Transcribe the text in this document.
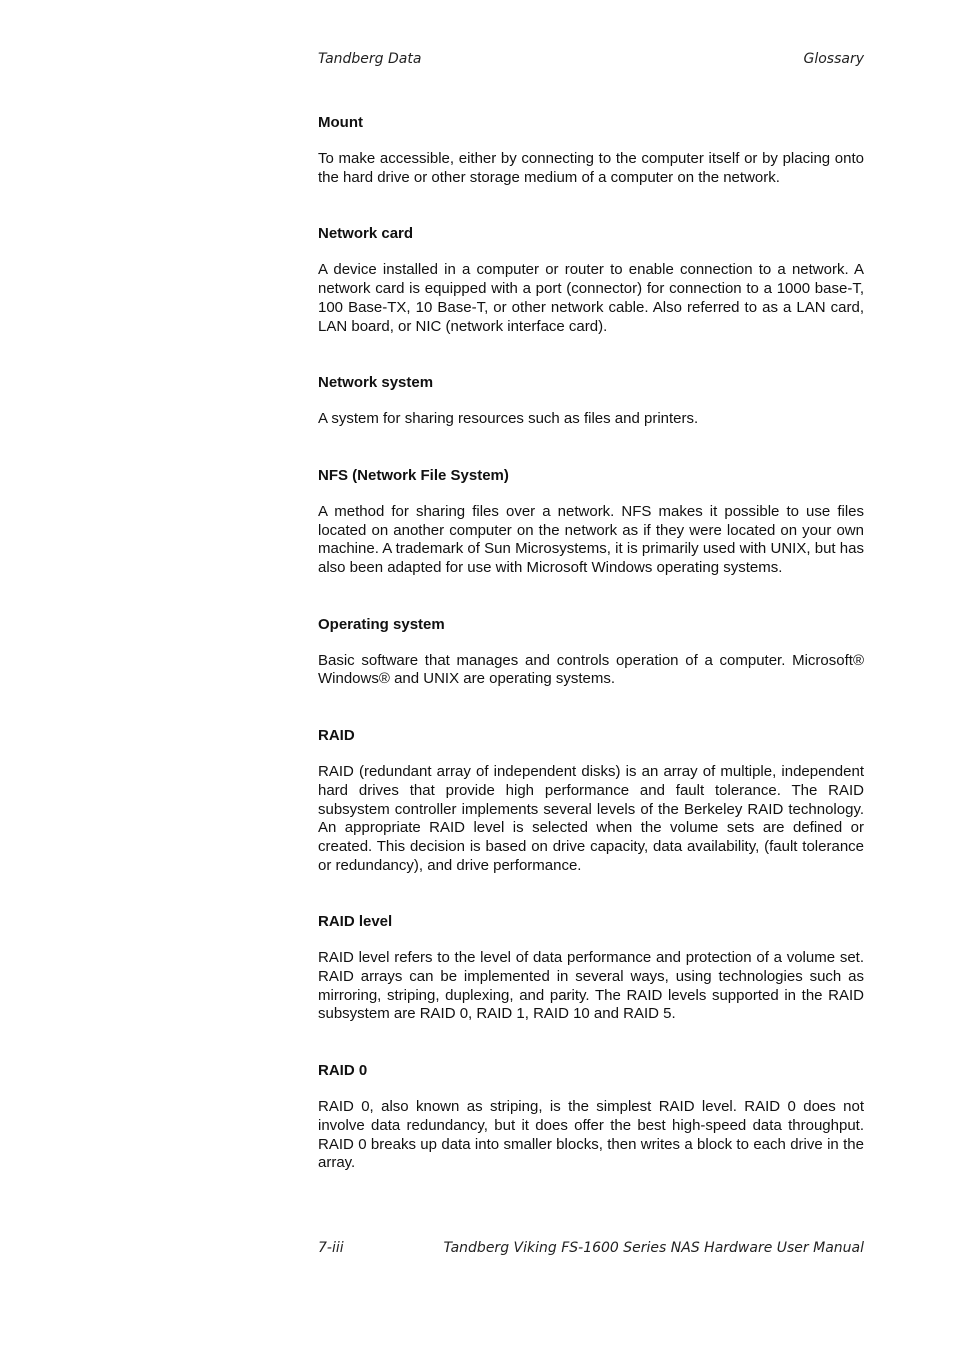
Tandberg Data	Glossary

Mount

To make accessible, either by connecting to the computer itself or by placing onto the hard drive or other storage medium of a computer on the network.

Network card

A device installed in a computer or router to enable connection to a network. A network card is equipped with a port (connector) for connection to a 1000 base-T, 100 Base-TX, 10 Base-T, or other network cable. Also referred to as a LAN card, LAN board, or NIC (network interface card).

Network system

A system for sharing resources such as files and printers.

NFS (Network File System)

A method for sharing files over a network. NFS makes it possible to use files located on another computer on the network as if they were located on your own machine. A trademark of Sun Microsystems, it is primarily used with UNIX, but has also been adapted for use with Microsoft Windows operating systems.

Operating system

Basic software that manages and controls operation of a computer. Microsoft® Windows® and UNIX are operating systems.

RAID

RAID (redundant array of independent disks) is an array of multiple, independent hard drives that provide high performance and fault tolerance. The RAID subsystem controller implements several levels of the Berkeley RAID technology. An appropriate RAID level is selected when the volume sets are defined or created. This decision is based on drive capacity, data availability, (fault tolerance or redundancy), and drive performance.

RAID level

RAID level refers to the level of data performance and protection of a volume set. RAID arrays can be implemented in several ways, using technologies such as mirroring, striping, duplexing, and parity. The RAID levels supported in the RAID subsystem are RAID 0, RAID 1, RAID 10 and RAID 5.

RAID 0

RAID 0, also known as striping, is the simplest RAID level. RAID 0 does not involve data redundancy, but it does offer the best high-speed data throughput. RAID 0 breaks up data into smaller blocks, then writes a block to each drive in the array.

7-iii	Tandberg Viking FS-1600 Series NAS Hardware User Manual
